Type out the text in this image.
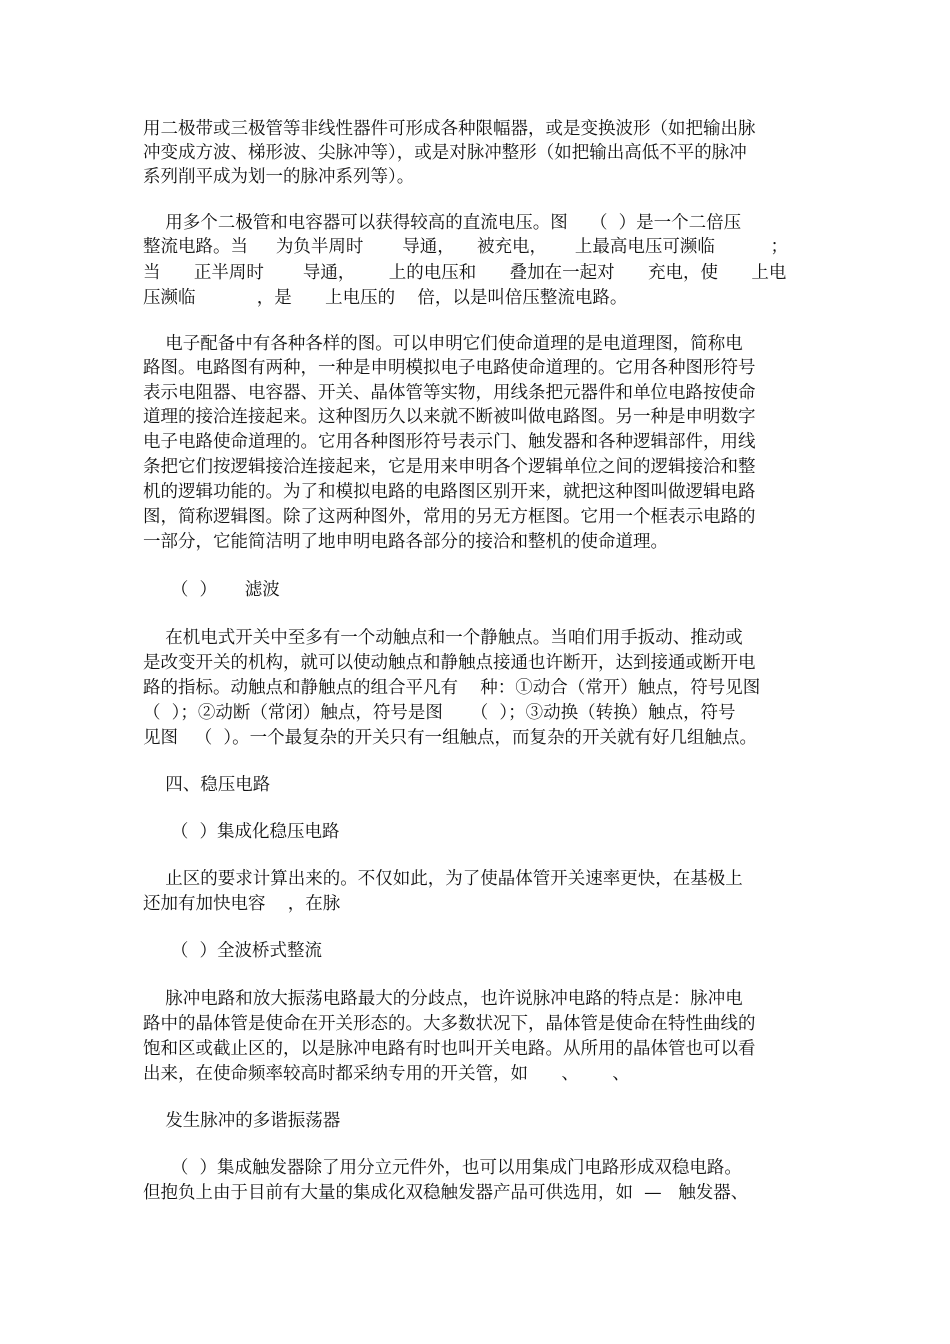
用二极带或三极管等非线性器件可形成各种限幅器，或是变换波形（如把输出脉
冲变成方波、梯形波、尖脉冲等），或是对脉冲整形（如把输出高低不平的脉冲
系列削平成为划一的脉冲系列等）。
用多个二极管和电容器可以获得较高的直流电压。图    （  ）是一个二倍压
整流电路。当     为负半周时       导通，    被充电，     上最高电压可濒临          ；
当      正半周时       导通，      上的电压和      叠加在一起对      充电，使      上电
压濒临           ，是      上电压的    倍，以是叫倍压整流电路。
电子配备中有各种各样的图。可以申明它们使命道理的是电道理图，简称电
路图。电路图有两种，一种是申明模拟电子电路使命道理的。它用各种图形符号
表示电阻器、电容器、开关、晶体管等实物，用线条把元器件和单位电路按使命
道理的接洽连接起来。这种图历久以来就不断被叫做电路图。另一种是申明数字
电子电路使命道理的。它用各种图形符号表示门、触发器和各种逻辑部件，用线
条把它们按逻辑接洽连接起来，它是用来申明各个逻辑单位之间的逻辑接洽和整
机的逻辑功能的。为了和模拟电路的电路图区别开来，就把这种图叫做逻辑电路
图，简称逻辑图。除了这两种图外，常用的另无方框图。它用一个框表示电路的
一部分，它能简洁明了地申明电路各部分的接洽和整机的使命道理。
（  ）     滤波
在机电式开关中至多有一个动触点和一个静触点。当咱们用手扳动、推动或
是改变开关的机构，就可以使动触点和静触点接通也许断开，达到接通或断开电
路的指标。动触点和静触点的组合平凡有    种：①动合（常开）触点，符号见图
（  ）；②动断（常闭）触点，符号是图     （  ）；③动换（转换）触点，符号
见图   （  ）。一个最复杂的开关只有一组触点，而复杂的开关就有好几组触点。
四、稳压电路
（  ）集成化稳压电路
止区的要求计算出来的。不仅如此，为了使晶体管开关速率更快，在基极上
还加有加快电容    ，在脉
（  ）全波桥式整流
脉冲电路和放大振荡电路最大的分歧点，也许说脉冲电路的特点是：脉冲电
路中的晶体管是使命在开关形态的。大多数状况下，晶体管是使命在特性曲线的
饱和区或截止区的，以是脉冲电路有时也叫开关电路。从所用的晶体管也可以看
出来，在使命频率较高时都采纳专用的开关管，如      、      、
发生脉冲的多谐振荡器
（  ）集成触发器除了用分立元件外，也可以用集成门电路形成双稳电路。
但抱负上由于目前有大量的集成化双稳触发器产品可供选用，如  —   触发器、
